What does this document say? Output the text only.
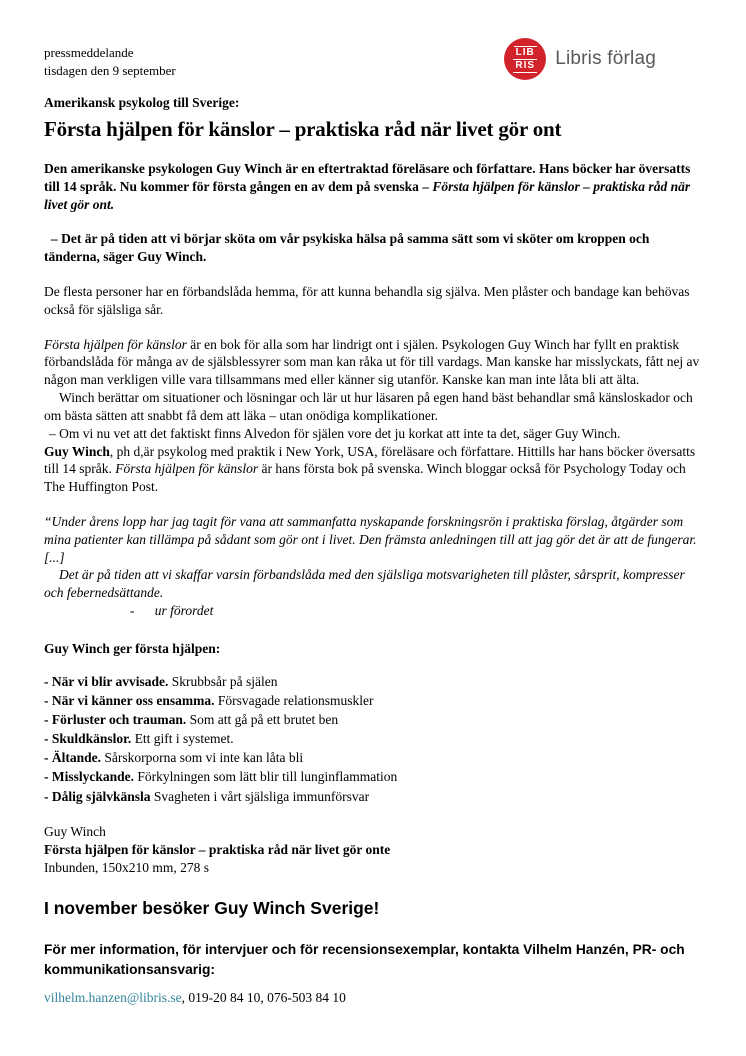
pressmeddelande
tisdagen den 9 september
LIB
RIS Libris förlag
Amerikansk psykolog till Sverige:
Första hjälpen för känslor – praktiska råd när livet gör ont

Den amerikanske psykologen Guy Winch är en eftertraktad föreläsare och författare. Hans böcker har översatts till 14 språk. Nu kommer för första gången en av dem på svenska – Första hjälpen för känslor – praktiska råd när livet gör ont.

– Det är på tiden att vi börjar sköta om vår psykiska hälsa på samma sätt som vi sköter om kroppen och tänderna, säger Guy Winch.

De flesta personer har en förbandslåda hemma, för att kunna behandla sig själva. Men plåster och bandage kan behövas också för själsliga sår.

Första hjälpen för känslor är en bok för alla som har lindrigt ont i själen. Psykologen Guy Winch har fyllt en praktisk förbandslåda för många av de själsblessyrer som man kan råka ut för till vardags. Man kanske har misslyckats, fått nej av någon man verkligen ville vara tillsammans med eller känner sig utanför. Kanske kan man inte låta bli att älta.
Winch berättar om situationer och lösningar och lär ut hur läsaren på egen hand bäst behandlar små känsloskador och om bästa sätten att snabbt få dem att läka – utan onödiga komplikationer.
– Om vi nu vet att det faktiskt finns Alvedon för själen vore det ju korkat att inte ta det, säger Guy Winch.

Guy Winch, ph d,är psykolog med praktik i New York, USA, föreläsare och författare. Hittills har hans böcker översatts till 14 språk. Första hjälpen för känslor är hans första bok på svenska. Winch bloggar också för Psychology Today och The Huffington Post.

“Under årens lopp har jag tagit för vana att sammanfatta nyskapande forskningsrön i praktiska förslag, åtgärder som mina patienter kan tillämpa på sådant som gör ont i livet. Den främsta anledningen till att jag gör det är att de fungerar. [...]
Det är på tiden att vi skaffar varsin förbandslåda med den själsliga motsvarigheten till plåster, sårsprit, kompresser och febernedsättande.
-      ur förordet
Guy Winch ger första hjälpen:
- När vi blir avvisade. Skrubbsår på själen
- När vi känner oss ensamma. Försvagade relationsmuskler
- Förluster och trauman. Som att gå på ett brutet ben
- Skuldkänslor. Ett gift i systemet.
- Ältande. Sårskorporna som vi inte kan låta bli
- Misslyckande. Förkylningen som lätt blir till lunginflammation
- Dålig självkänsla Svagheten i vårt själsliga immunförsvar
Guy Winch
Första hjälpen för känslor – praktiska råd när livet gör onte
Inbunden, 150x210 mm, 278 s
I november besöker Guy Winch Sverige!
För mer information, för intervjuer och för recensionsexemplar, kontakta Vilhelm Hanzén, PR- och kommunikationsansvarig:
vilhelm.hanzen@libris.se, 019-20 84 10, 076-503 84 10
